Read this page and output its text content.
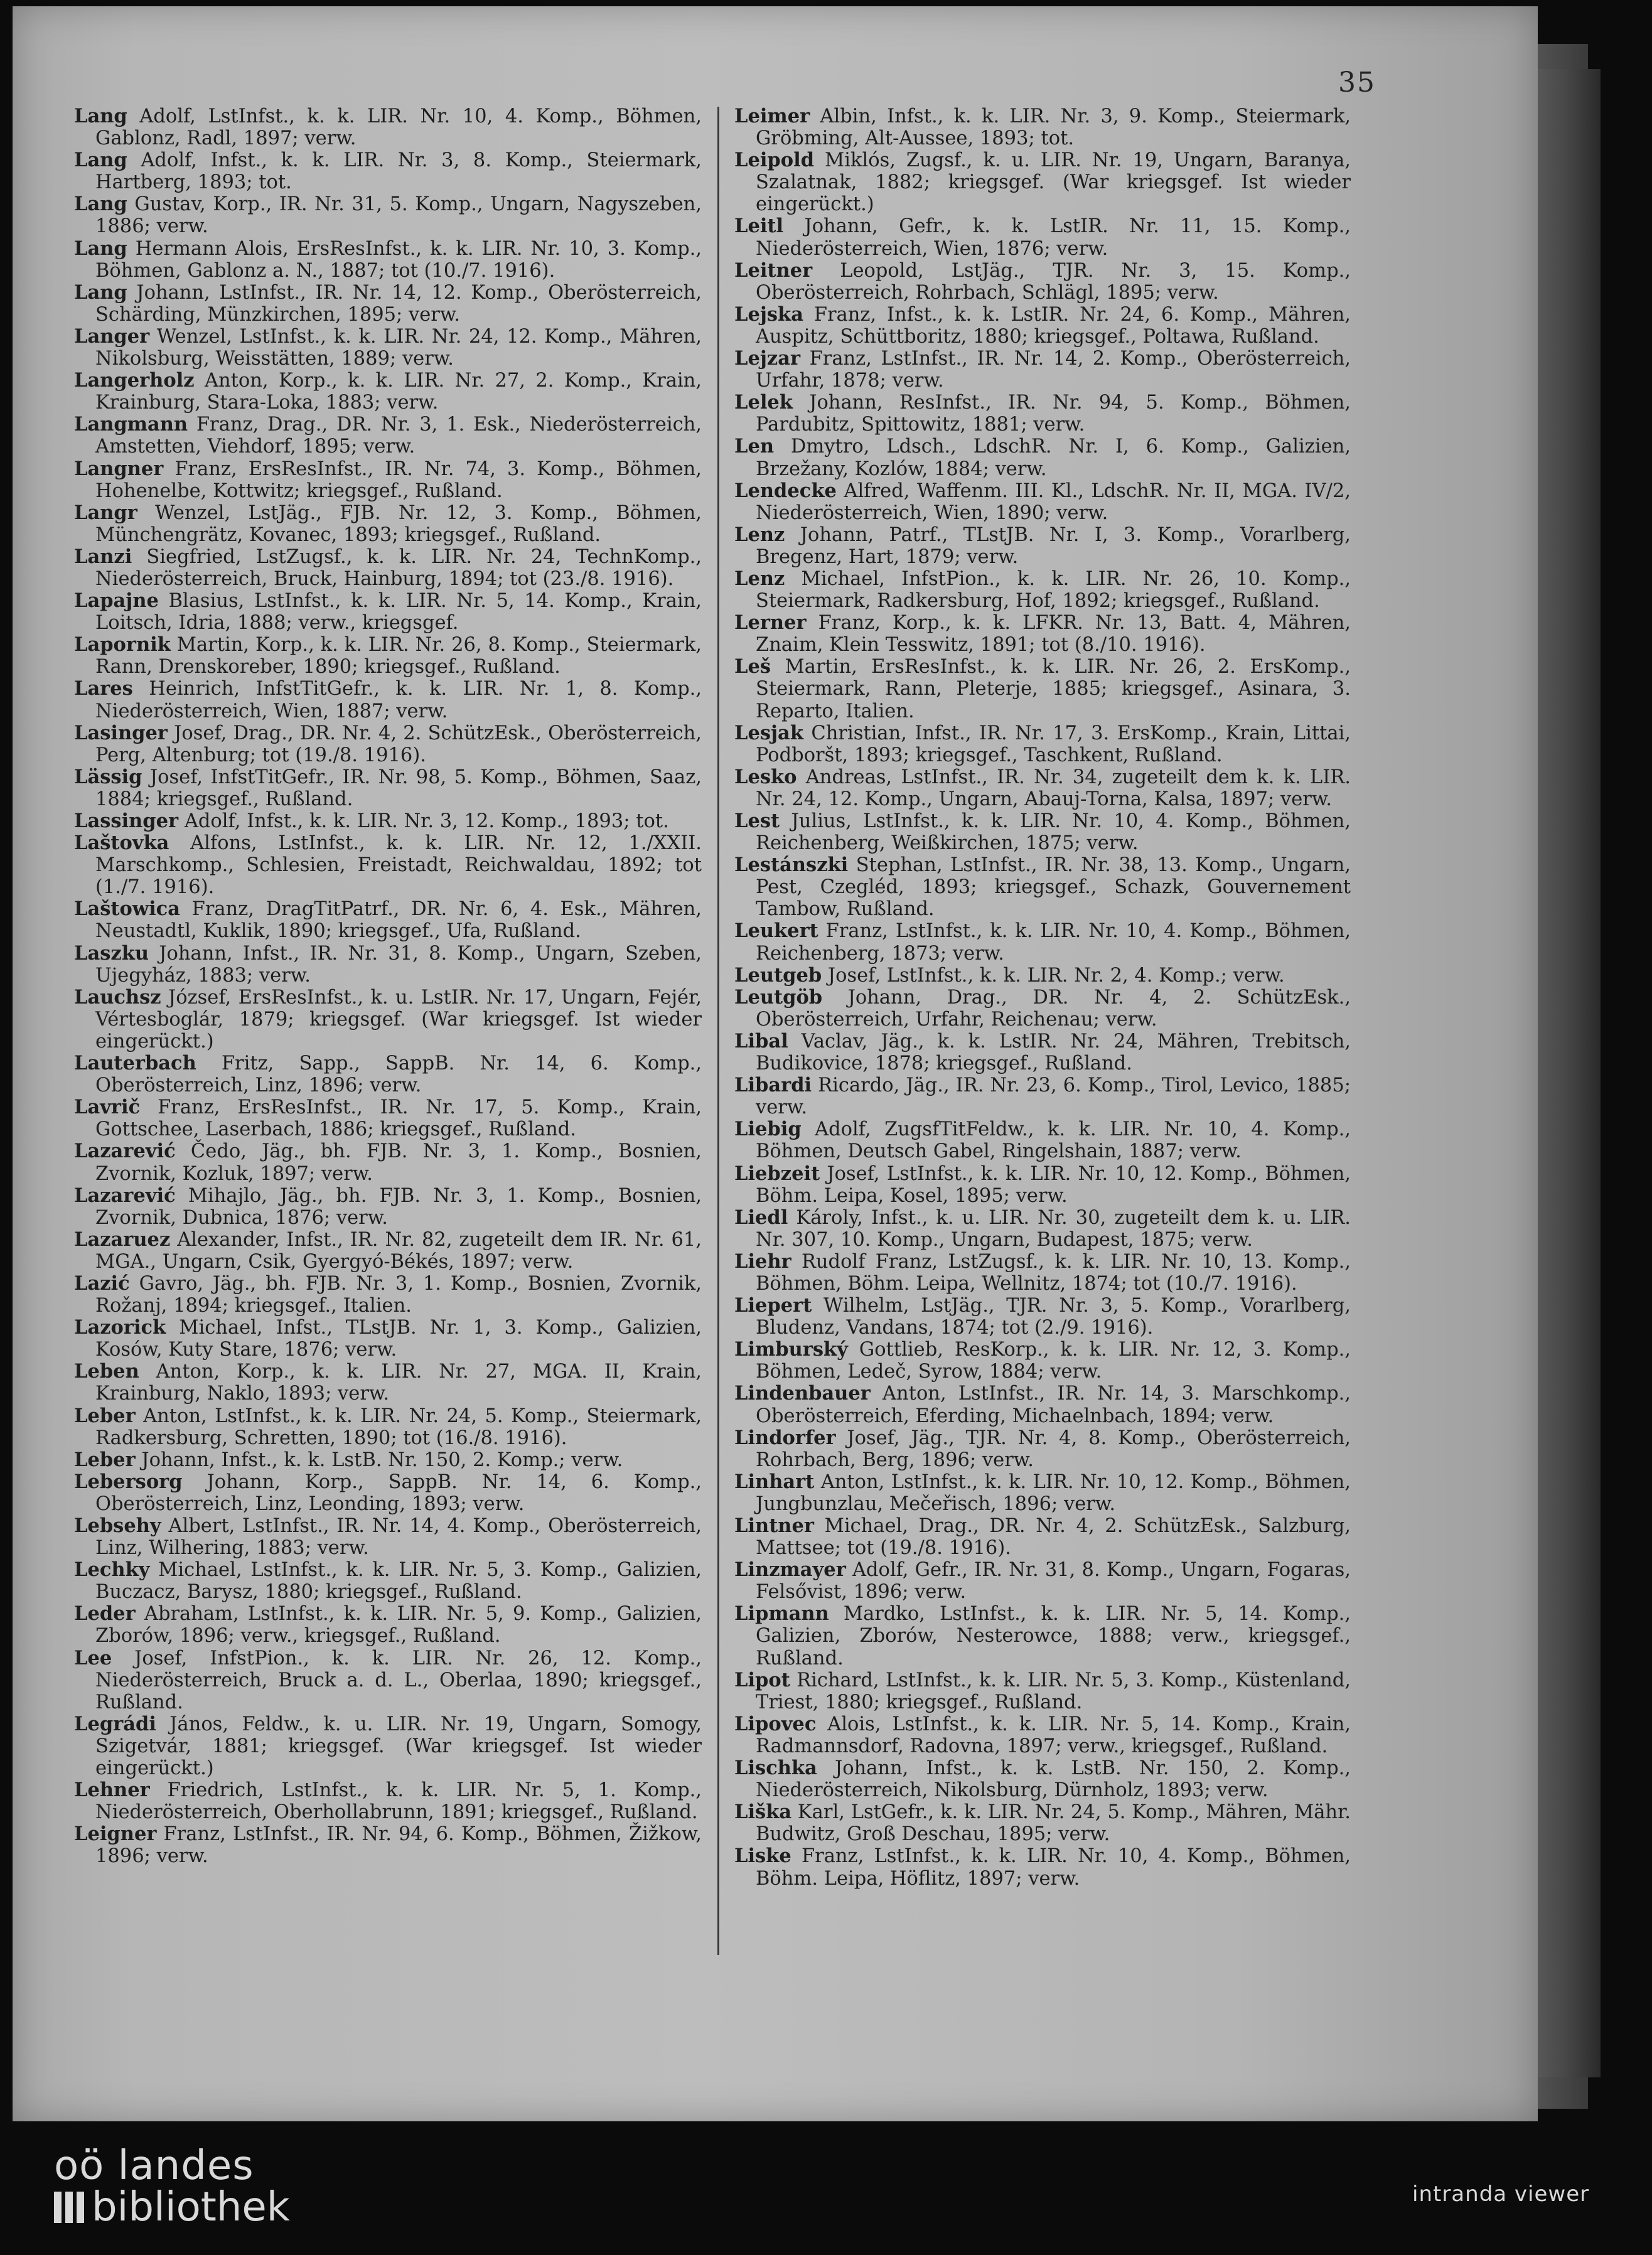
35

Lang Adolf, LstInfst., k. k. LIR. Nr. 10, 4. Komp., Böhmen, Gablonz, Radl, 1897; verw.

Lang Adolf, Infst., k. k. LIR. Nr. 3, 8. Komp., Steiermark, Hartberg, 1893; tot.

Lang Gustav, Korp., IR. Nr. 31, 5. Komp., Ungarn, Nagyszeben, 1886; verw.

Lang Hermann Alois, ErsResInfst., k. k. LIR. Nr. 10, 3. Komp., Böhmen, Gablonz a. N., 1887; tot (10./7. 1916).

Lang Johann, LstInfst., IR. Nr. 14, 12. Komp., Oberösterreich, Schärding, Münzkirchen, 1895; verw.

Langer Wenzel, LstInfst., k. k. LIR. Nr. 24, 12. Komp., Mähren, Nikolsburg, Weisstätten, 1889; verw.

Langerholz Anton, Korp., k. k. LIR. Nr. 27, 2. Komp., Krain, Krainburg, Stara-Loka, 1883; verw.

Langmann Franz, Drag., DR. Nr. 3, 1. Esk., Niederösterreich, Amstetten, Viehdorf, 1895; verw.

Langner Franz, ErsResInfst., IR. Nr. 74, 3. Komp., Böhmen, Hohenelbe, Kottwitz; kriegsgef., Rußland.

Langr Wenzel, LstJäg., FJB. Nr. 12, 3. Komp., Böhmen, Münchengrätz, Kovanec, 1893; kriegsgef., Rußland.

Lanzi Siegfried, LstZugsf., k. k. LIR. Nr. 24, TechnKomp., Niederösterreich, Bruck, Hainburg, 1894; tot (23./8. 1916).

Lapajne Blasius, LstInfst., k. k. LIR. Nr. 5, 14. Komp., Krain, Loitsch, Idria, 1888; verw., kriegsgef.

Lapornik Martin, Korp., k. k. LIR. Nr. 26, 8. Komp., Steiermark, Rann, Drenskoreber, 1890; kriegsgef., Rußland.

Lares Heinrich, InfstTitGefr., k. k. LIR. Nr. 1, 8. Komp., Niederösterreich, Wien, 1887; verw.

Lasinger Josef, Drag., DR. Nr. 4, 2. SchützEsk., Oberösterreich, Perg, Altenburg; tot (19./8. 1916).

Lässig Josef, InfstTitGefr., IR. Nr. 98, 5. Komp., Böhmen, Saaz, 1884; kriegsgef., Rußland.

Lassinger Adolf, Infst., k. k. LIR. Nr. 3, 12. Komp., 1893; tot.

Laštovka Alfons, LstInfst., k. k. LIR. Nr. 12, 1./XXII. Marschkomp., Schlesien, Freistadt, Reichwaldau, 1892; tot (1./7. 1916).

Laštowica Franz, DragTitPatrf., DR. Nr. 6, 4. Esk., Mähren, Neustadtl, Kuklik, 1890; kriegsgef., Ufa, Rußland.

Laszku Johann, Infst., IR. Nr. 31, 8. Komp., Ungarn, Szeben, Ujegyház, 1883; verw.

Lauchsz József, ErsResInfst., k. u. LstIR. Nr. 17, Ungarn, Fejér, Vértesboglár, 1879; kriegsgef. (War kriegsgef. Ist wieder eingerückt.)

Lauterbach Fritz, Sapp., SappB. Nr. 14, 6. Komp., Oberösterreich, Linz, 1896; verw.

Lavrič Franz, ErsResInfst., IR. Nr. 17, 5. Komp., Krain, Gottschee, Laserbach, 1886; kriegsgef., Rußland.

Lazarević Čedo, Jäg., bh. FJB. Nr. 3, 1. Komp., Bosnien, Zvornik, Kozluk, 1897; verw.

Lazarević Mihajlo, Jäg., bh. FJB. Nr. 3, 1. Komp., Bosnien, Zvornik, Dubnica, 1876; verw.

Lazaruez Alexander, Infst., IR. Nr. 82, zugeteilt dem IR. Nr. 61, MGA., Ungarn, Csik, Gyergyó-Békés, 1897; verw.

Lazić Gavro, Jäg., bh. FJB. Nr. 3, 1. Komp., Bosnien, Zvornik, Rožanj, 1894; kriegsgef., Italien.

Lazorick Michael, Infst., TLstJB. Nr. 1, 3. Komp., Galizien, Kosów, Kuty Stare, 1876; verw.

Leben Anton, Korp., k. k. LIR. Nr. 27, MGA. II, Krain, Krainburg, Naklo, 1893; verw.

Leber Anton, LstInfst., k. k. LIR. Nr. 24, 5. Komp., Steiermark, Radkersburg, Schretten, 1890; tot (16./8. 1916).

Leber Johann, Infst., k. k. LstB. Nr. 150, 2. Komp.; verw.

Lebersorg Johann, Korp., SappB. Nr. 14, 6. Komp., Oberösterreich, Linz, Leonding, 1893; verw.

Lebsehy Albert, LstInfst., IR. Nr. 14, 4. Komp., Oberösterreich, Linz, Wilhering, 1883; verw.

Lechky Michael, LstInfst., k. k. LIR. Nr. 5, 3. Komp., Galizien, Buczacz, Barysz, 1880; kriegsgef., Rußland.

Leder Abraham, LstInfst., k. k. LIR. Nr. 5, 9. Komp., Galizien, Zborów, 1896; verw., kriegsgef., Rußland.

Lee Josef, InfstPion., k. k. LIR. Nr. 26, 12. Komp., Niederösterreich, Bruck a. d. L., Oberlaa, 1890; kriegsgef., Rußland.

Legrádi János, Feldw., k. u. LIR. Nr. 19, Ungarn, Somogy, Szigetvár, 1881; kriegsgef. (War kriegsgef. Ist wieder eingerückt.)

Lehner Friedrich, LstInfst., k. k. LIR. Nr. 5, 1. Komp., Niederösterreich, Oberhollabrunn, 1891; kriegsgef., Rußland.

Leigner Franz, LstInfst., IR. Nr. 94, 6. Komp., Böhmen, Žižkow, 1896; verw.

Leimer Albin, Infst., k. k. LIR. Nr. 3, 9. Komp., Steiermark, Gröbming, Alt-Aussee, 1893; tot.

Leipold Miklós, Zugsf., k. u. LIR. Nr. 19, Ungarn, Baranya, Szalatnak, 1882; kriegsgef. (War kriegsgef. Ist wieder eingerückt.)

Leitl Johann, Gefr., k. k. LstIR. Nr. 11, 15. Komp., Niederösterreich, Wien, 1876; verw.

Leitner Leopold, LstJäg., TJR. Nr. 3, 15. Komp., Oberösterreich, Rohrbach, Schlägl, 1895; verw.

Lejska Franz, Infst., k. k. LstIR. Nr. 24, 6. Komp., Mähren, Auspitz, Schüttboritz, 1880; kriegsgef., Poltawa, Rußland.

Lejzar Franz, LstInfst., IR. Nr. 14, 2. Komp., Oberösterreich, Urfahr, 1878; verw.

Lelek Johann, ResInfst., IR. Nr. 94, 5. Komp., Böhmen, Pardubitz, Spittowitz, 1881; verw.

Len Dmytro, Ldsch., LdschR. Nr. I, 6. Komp., Galizien, Brzežany, Kozlów, 1884; verw.

Lendecke Alfred, Waffenm. III. Kl., LdschR. Nr. II, MGA. IV/2, Niederösterreich, Wien, 1890; verw.

Lenz Johann, Patrf., TLstJB. Nr. I, 3. Komp., Vorarlberg, Bregenz, Hart, 1879; verw.

Lenz Michael, InfstPion., k. k. LIR. Nr. 26, 10. Komp., Steiermark, Radkersburg, Hof, 1892; kriegsgef., Rußland.

Lerner Franz, Korp., k. k. LFKR. Nr. 13, Batt. 4, Mähren, Znaim, Klein Tesswitz, 1891; tot (8./10. 1916).

Leš Martin, ErsResInfst., k. k. LIR. Nr. 26, 2. ErsKomp., Steiermark, Rann, Pleterje, 1885; kriegsgef., Asinara, 3. Reparto, Italien.

Lesjak Christian, Infst., IR. Nr. 17, 3. ErsKomp., Krain, Littai, Podboršt, 1893; kriegsgef., Taschkent, Rußland.

Lesko Andreas, LstInfst., IR. Nr. 34, zugeteilt dem k. k. LIR. Nr. 24, 12. Komp., Ungarn, Abauj-Torna, Kalsa, 1897; verw.

Lest Julius, LstInfst., k. k. LIR. Nr. 10, 4. Komp., Böhmen, Reichenberg, Weißkirchen, 1875; verw.

Lestánszki Stephan, LstInfst., IR. Nr. 38, 13. Komp., Ungarn, Pest, Czegléd, 1893; kriegsgef., Schazk, Gouvernement Tambow, Rußland.

Leukert Franz, LstInfst., k. k. LIR. Nr. 10, 4. Komp., Böhmen, Reichenberg, 1873; verw.

Leutgeb Josef, LstInfst., k. k. LIR. Nr. 2, 4. Komp.; verw.

Leutgöb Johann, Drag., DR. Nr. 4, 2. SchützEsk., Oberösterreich, Urfahr, Reichenau; verw.

Libal Vaclav, Jäg., k. k. LstIR. Nr. 24, Mähren, Trebitsch, Budikovice, 1878; kriegsgef., Rußland.

Libardi Ricardo, Jäg., IR. Nr. 23, 6. Komp., Tirol, Levico, 1885; verw.

Liebig Adolf, ZugsfTitFeldw., k. k. LIR. Nr. 10, 4. Komp., Böhmen, Deutsch Gabel, Ringelshain, 1887; verw.

Liebzeit Josef, LstInfst., k. k. LIR. Nr. 10, 12. Komp., Böhmen, Böhm. Leipa, Kosel, 1895; verw.

Liedl Károly, Infst., k. u. LIR. Nr. 30, zugeteilt dem k. u. LIR. Nr. 307, 10. Komp., Ungarn, Budapest, 1875; verw.

Liehr Rudolf Franz, LstZugsf., k. k. LIR. Nr. 10, 13. Komp., Böhmen, Böhm. Leipa, Wellnitz, 1874; tot (10./7. 1916).

Liepert Wilhelm, LstJäg., TJR. Nr. 3, 5. Komp., Vorarlberg, Bludenz, Vandans, 1874; tot (2./9. 1916).

Limburský Gottlieb, ResKorp., k. k. LIR. Nr. 12, 3. Komp., Böhmen, Ledeč, Syrow, 1884; verw.

Lindenbauer Anton, LstInfst., IR. Nr. 14, 3. Marschkomp., Oberösterreich, Eferding, Michaelnbach, 1894; verw.

Lindorfer Josef, Jäg., TJR. Nr. 4, 8. Komp., Oberösterreich, Rohrbach, Berg, 1896; verw.

Linhart Anton, LstInfst., k. k. LIR. Nr. 10, 12. Komp., Böhmen, Jungbunzlau, Mečeřisch, 1896; verw.

Lintner Michael, Drag., DR. Nr. 4, 2. SchützEsk., Salzburg, Mattsee; tot (19./8. 1916).

Linzmayer Adolf, Gefr., IR. Nr. 31, 8. Komp., Ungarn, Fogaras, Felsővist, 1896; verw.

Lipmann Mardko, LstInfst., k. k. LIR. Nr. 5, 14. Komp., Galizien, Zborów, Nesterowce, 1888; verw., kriegsgef., Rußland.

Lipot Richard, LstInfst., k. k. LIR. Nr. 5, 3. Komp., Küstenland, Triest, 1880; kriegsgef., Rußland.

Lipovec Alois, LstInfst., k. k. LIR. Nr. 5, 14. Komp., Krain, Radmannsdorf, Radovna, 1897; verw., kriegsgef., Rußland.

Lischka Johann, Infst., k. k. LstB. Nr. 150, 2. Komp., Niederösterreich, Nikolsburg, Dürnholz, 1893; verw.

Liška Karl, LstGefr., k. k. LIR. Nr. 24, 5. Komp., Mähren, Mähr. Budwitz, Groß Deschau, 1895; verw.

Liske Franz, LstInfst., k. k. LIR. Nr. 10, 4. Komp., Böhmen, Böhm. Leipa, Höflitz, 1897; verw.

oö landes
bibliothek	intranda viewer
